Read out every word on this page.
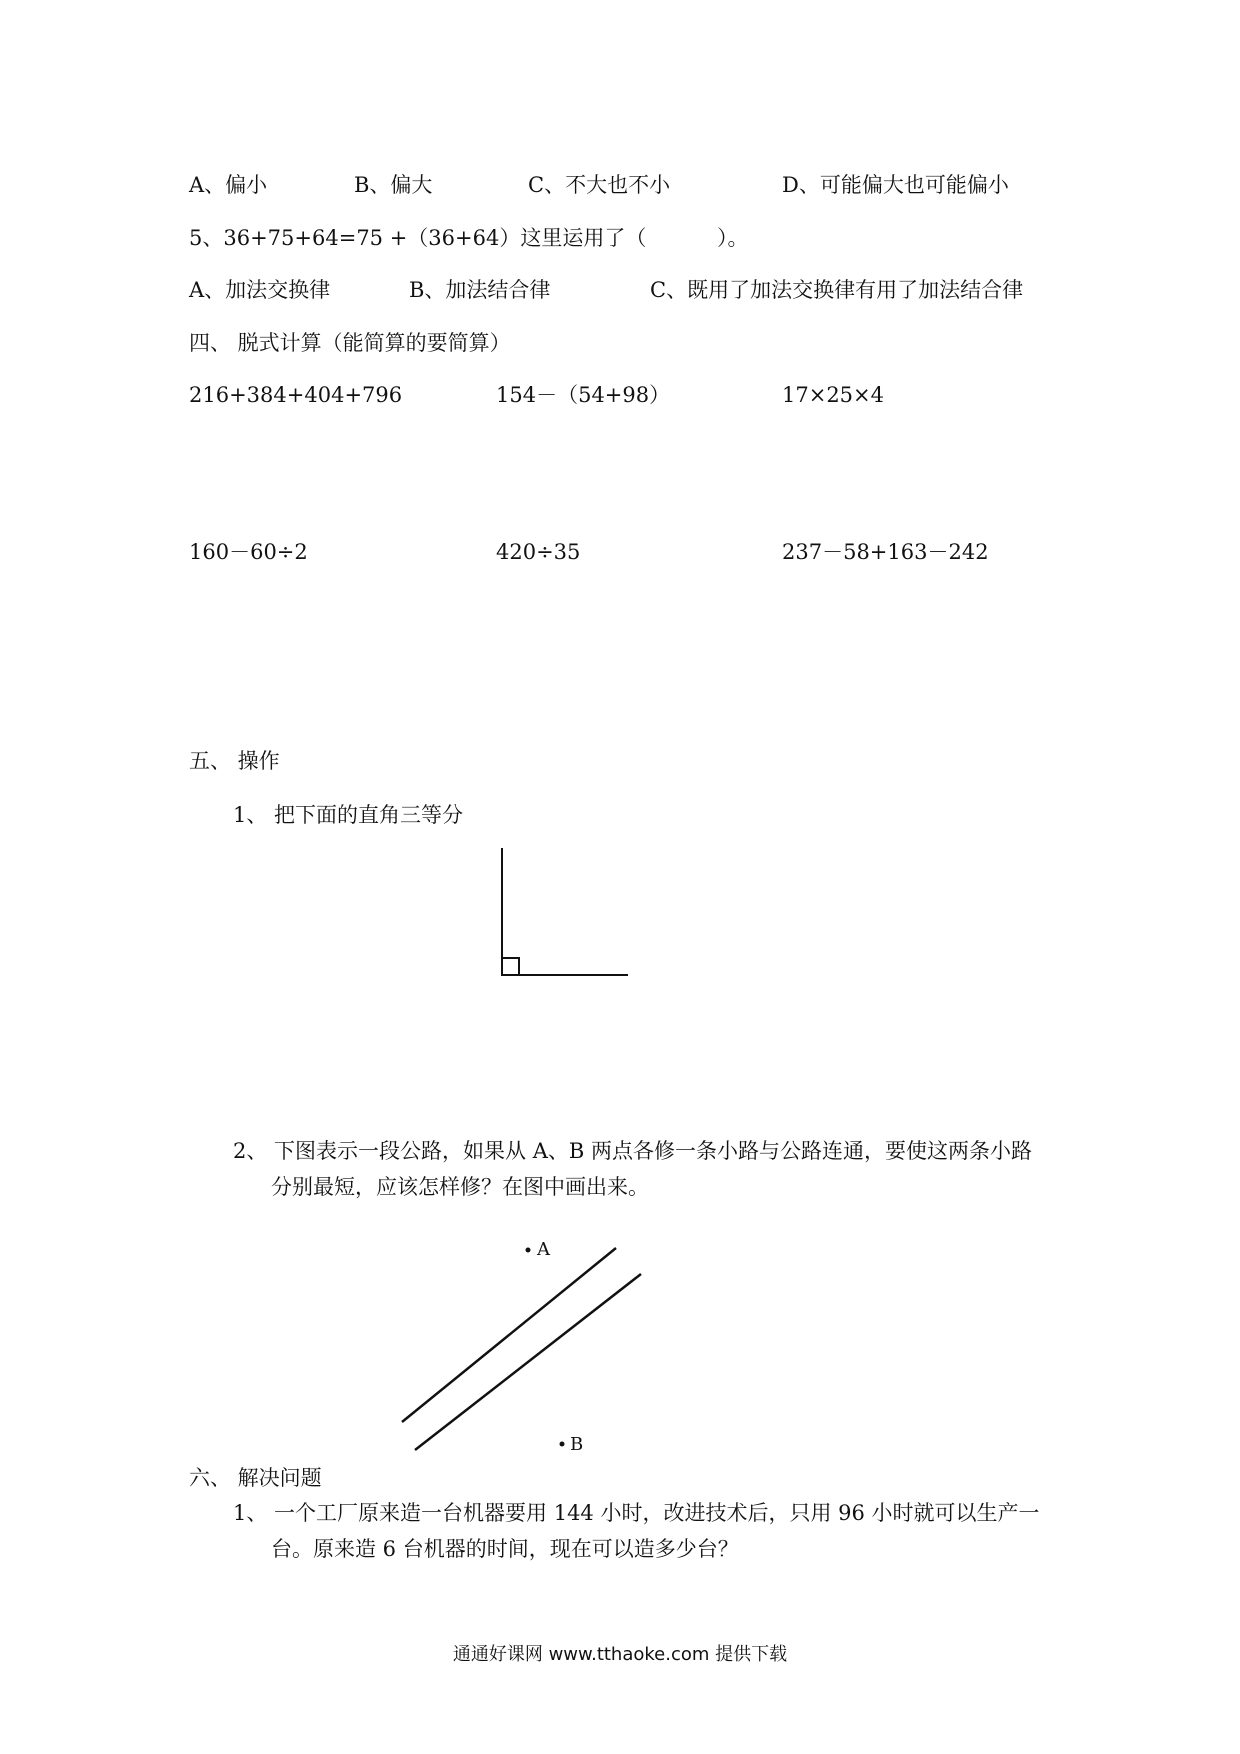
A、偏小	B、偏大	C、不大也不小	D、可能偏大也可能偏小
5、36+75+64=75 +（36+64）这里运用了（	）。
A、加法交换律	B、加法结合律	C、既用了加法交换律有用了加法结合律
四、 脱式计算（能简算的要简算）
216+384+404+796	154－（54+98）	17×25×4
160－60÷2	420÷35	237－58+163－242
五、 操作
1、 把下面的直角三等分
2、 下图表示一段公路，如果从 A、B 两点各修一条小路与公路连通，要使这两条小路
分别最短，应该怎样修？在图中画出来。
A
B
六、 解决问题
1、 一个工厂原来造一台机器要用 144 小时，改进技术后，只用 96 小时就可以生产一
台。原来造 6 台机器的时间，现在可以造多少台？
通通好课网 www.tthaoke.com 提供下载
